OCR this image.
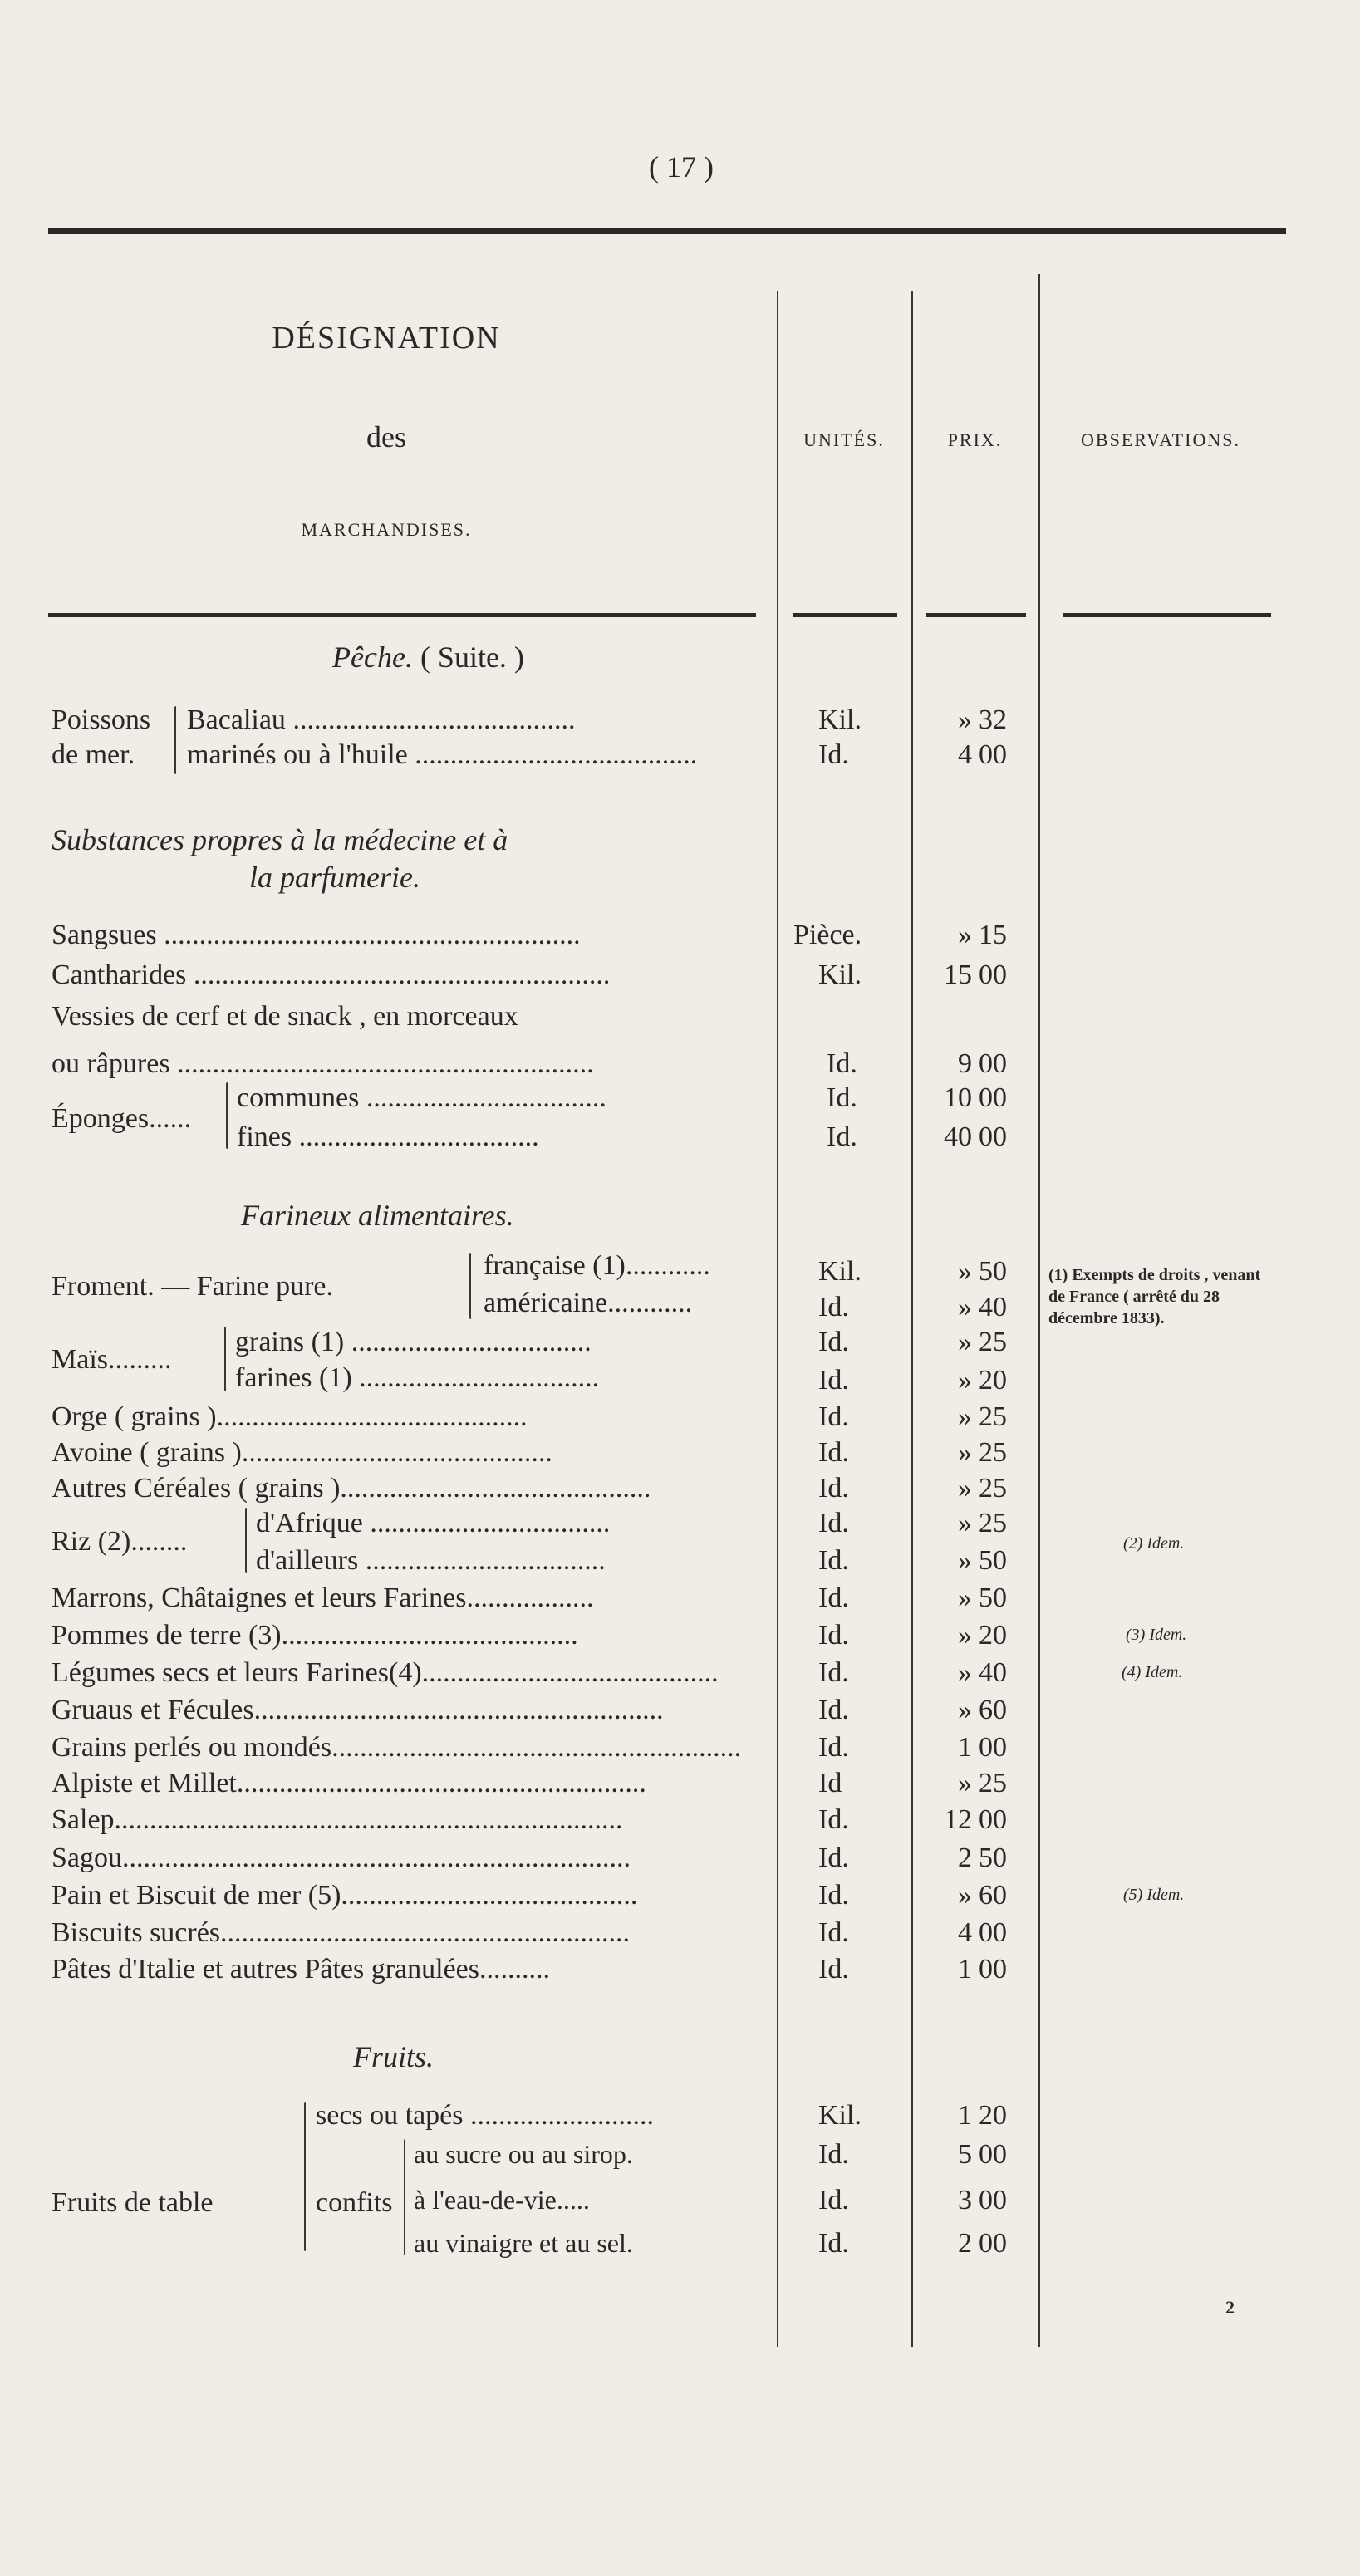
( 17 )
DÉSIGNATION
des
MARCHANDISES.
UNITÉS.	PRIX.	OBSERVATIONS.
Pêche. ( Suite. )
Poissons
de mer.
Bacaliau ........................................	Kil.	» 32
marinés ou à l'huile ........................................	Id.	4 00
Substances propres à la médecine et à
la parfumerie.
Sangsues ...........................................................	Pièce.	» 15
Cantharides ...........................................................	Kil.	15 00
Vessies de cerf et de snack , en morceaux
ou râpures ...........................................................	Id.	9 00
Éponges......
communes ..................................	Id.	10 00
fines ..................................	Id.	40 00
Farineux alimentaires.
Froment. — Farine pure.
française (1)............	Kil.	» 50
américaine............	Id.	» 40
Maïs.........
grains (1) ..................................	Id.	» 25
farines (1) ..................................	Id.	» 20
Orge ( grains )............................................	Id.	» 25
Avoine ( grains )............................................	Id.	» 25
Autres Céréales ( grains )............................................	Id.	» 25
Riz (2)........
d'Afrique ..................................	Id.	» 25
d'ailleurs ..................................	Id.	» 50
Marrons, Châtaignes et leurs Farines..................	Id.	» 50
Pommes de terre (3)..........................................	Id.	» 20
Légumes secs et leurs Farines(4)..........................................	Id.	» 40
Gruaus et Fécules..........................................................	Id.	» 60
Grains perlés ou mondés..........................................................	Id.	1 00
Alpiste et Millet..........................................................	Id	» 25
Salep........................................................................	Id.	12 00
Sagou........................................................................	Id.	2 50
Pain et Biscuit de mer (5)..........................................	Id.	» 60
Biscuits sucrés..........................................................	Id.	4 00
Pâtes d'Italie et autres Pâtes granulées..........	Id.	1 00
Fruits.
Fruits de table
secs ou tapés ..........................	Kil.	1 20
confits
au sucre ou au sirop.	Id.	5 00
à l'eau-de-vie.....	Id.	3 00
au vinaigre et au sel.	Id.	2 00
(1) Exempts de droits , venant de France ( arrêté du 28 décembre 1833).
(2) Idem.
(3) Idem.
(4) Idem.
(5) Idem.
2
